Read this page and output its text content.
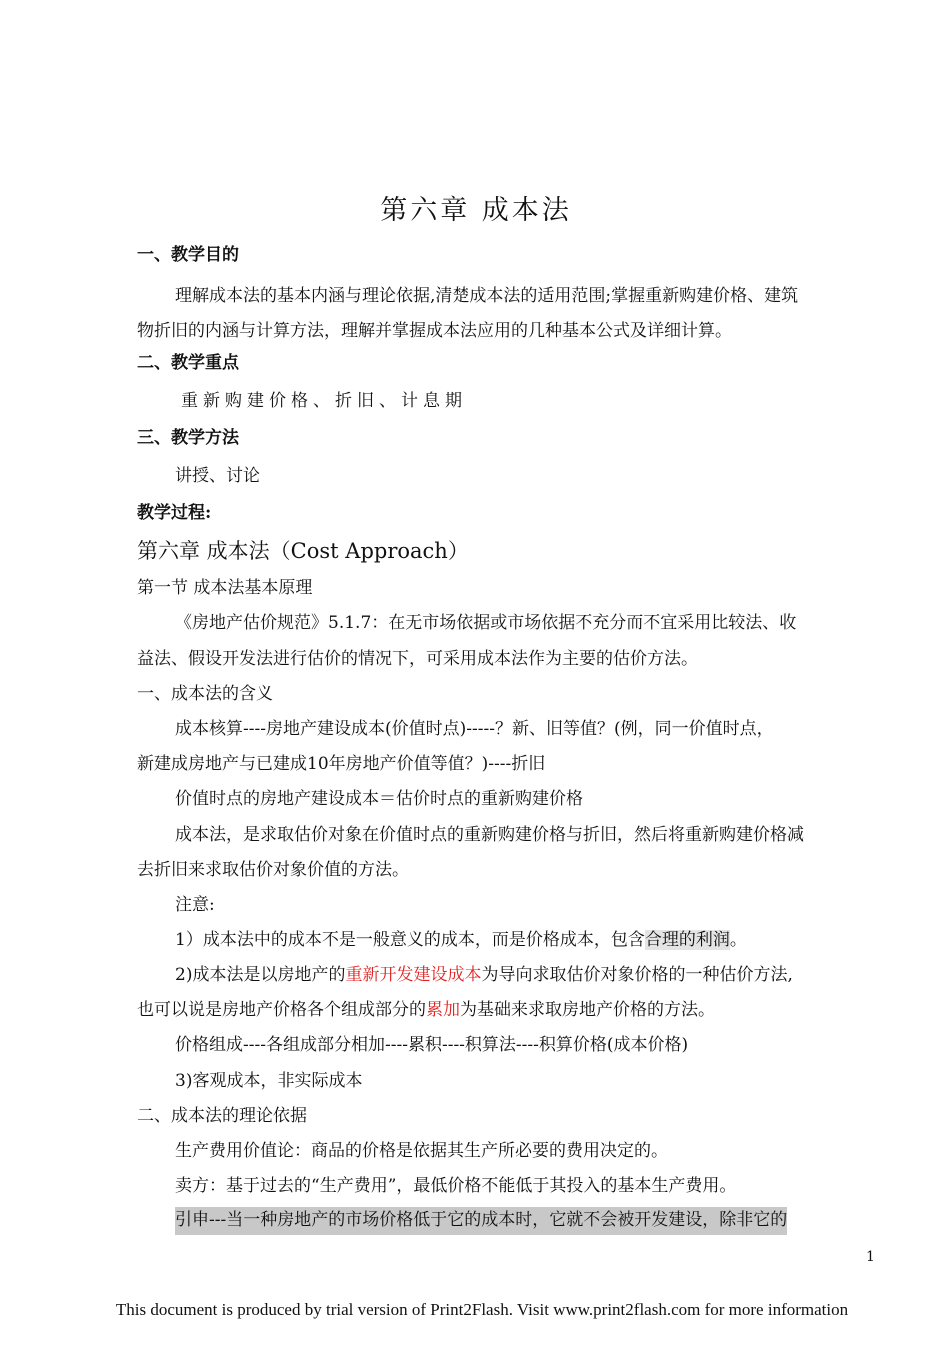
第六章 成本法
一、教学目的
理解成本法的基本内涵与理论依据,清楚成本法的适用范围;掌握重新购建价格、建筑
物折旧的内涵与计算方法，理解并掌握成本法应用的几种基本公式及详细计算。
二、教学重点
重新购建价格、折旧、计息期
三、教学方法
讲授、讨论
教学过程:
第六章 成本法（Cost Approach）
第一节 成本法基本原理
《房地产估价规范》5.1.7：在无市场依据或市场依据不充分而不宜采用比较法、收
益法、假设开发法进行估价的情况下，可采用成本法作为主要的估价方法。
一、成本法的含义
成本核算----房地产建设成本(价值时点)-----？新、旧等值？(例，同一价值时点，
新建成房地产与已建成10年房地产价值等值？)----折旧
价值时点的房地产建设成本＝估价时点的重新购建价格
成本法，是求取估价对象在价值时点的重新购建价格与折旧，然后将重新购建价格减
去折旧来求取估价对象价值的方法。
注意:
1）成本法中的成本不是一般意义的成本，而是价格成本，包含合理的利润。
2)成本法是以房地产的重新开发建设成本为导向求取估价对象价格的一种估价方法,
也可以说是房地产价格各个组成部分的累加为基础来求取房地产价格的方法。
价格组成----各组成部分相加----累积----积算法----积算价格(成本价格)
3)客观成本，非实际成本
二、成本法的理论依据
生产费用价值论：商品的价格是依据其生产所必要的费用决定的。
卖方：基于过去的“生产费用”，最低价格不能低于其投入的基本生产费用。
引申---当一种房地产的市场价格低于它的成本时，它就不会被开发建设，除非它的
1
This document is produced by trial version of Print2Flash. Visit www.print2flash.com for more information
